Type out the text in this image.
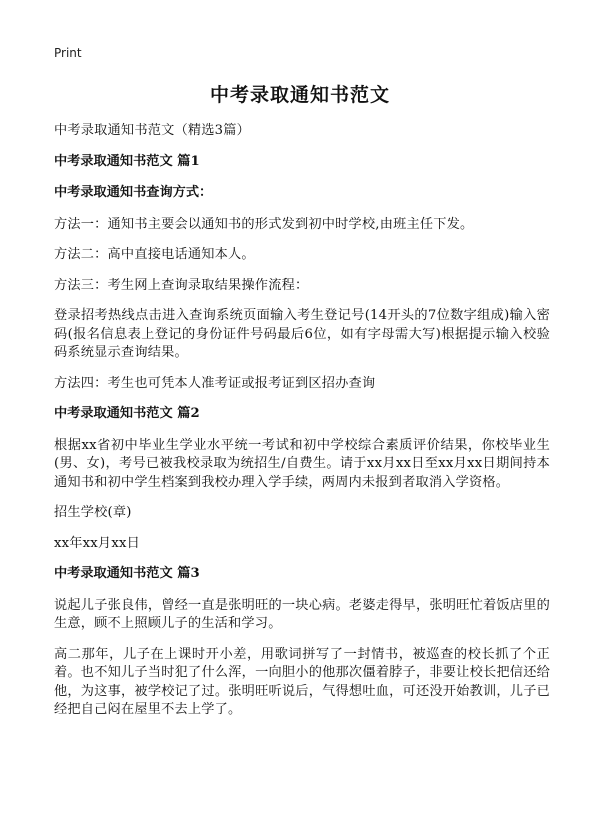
Print
中考录取通知书范文

中考录取通知书范文（精选3篇）

中考录取通知书范文 篇1

中考录取通知书查询方式：

方法一：通知书主要会以通知书的形式发到初中时学校,由班主任下发。

方法二：高中直接电话通知本人。

方法三：考生网上查询录取结果操作流程：

登录招考热线点击进入查询系统页面输入考生登记号(14开头的7位数字组成)输入密码(报名信息表上登记的身份证件号码最后6位，如有字母需大写)根据提示输入校验码系统显示查询结果。

方法四：考生也可凭本人准考证或报考证到区招办查询

中考录取通知书范文 篇2

根据xx省初中毕业生学业水平统一考试和初中学校综合素质评价结果，你校毕业生(男、女)，考号已被我校录取为统招生/自费生。请于xx月xx日至xx月xx日期间持本通知书和初中学生档案到我校办理入学手续，两周内未报到者取消入学资格。

招生学校(章)

xx年xx月xx日

中考录取通知书范文 篇3

说起儿子张良伟，曾经一直是张明旺的一块心病。老婆走得早，张明旺忙着饭店里的生意，顾不上照顾儿子的生活和学习。

高二那年，儿子在上课时开小差，用歌词拼写了一封情书，被巡查的校长抓了个正着。也不知儿子当时犯了什么浑，一向胆小的他那次僵着脖子，非要让校长把信还给他，为这事，被学校记了过。张明旺听说后，气得想吐血，可还没开始教训，儿子已经把自己闷在屋里不去上学了。
